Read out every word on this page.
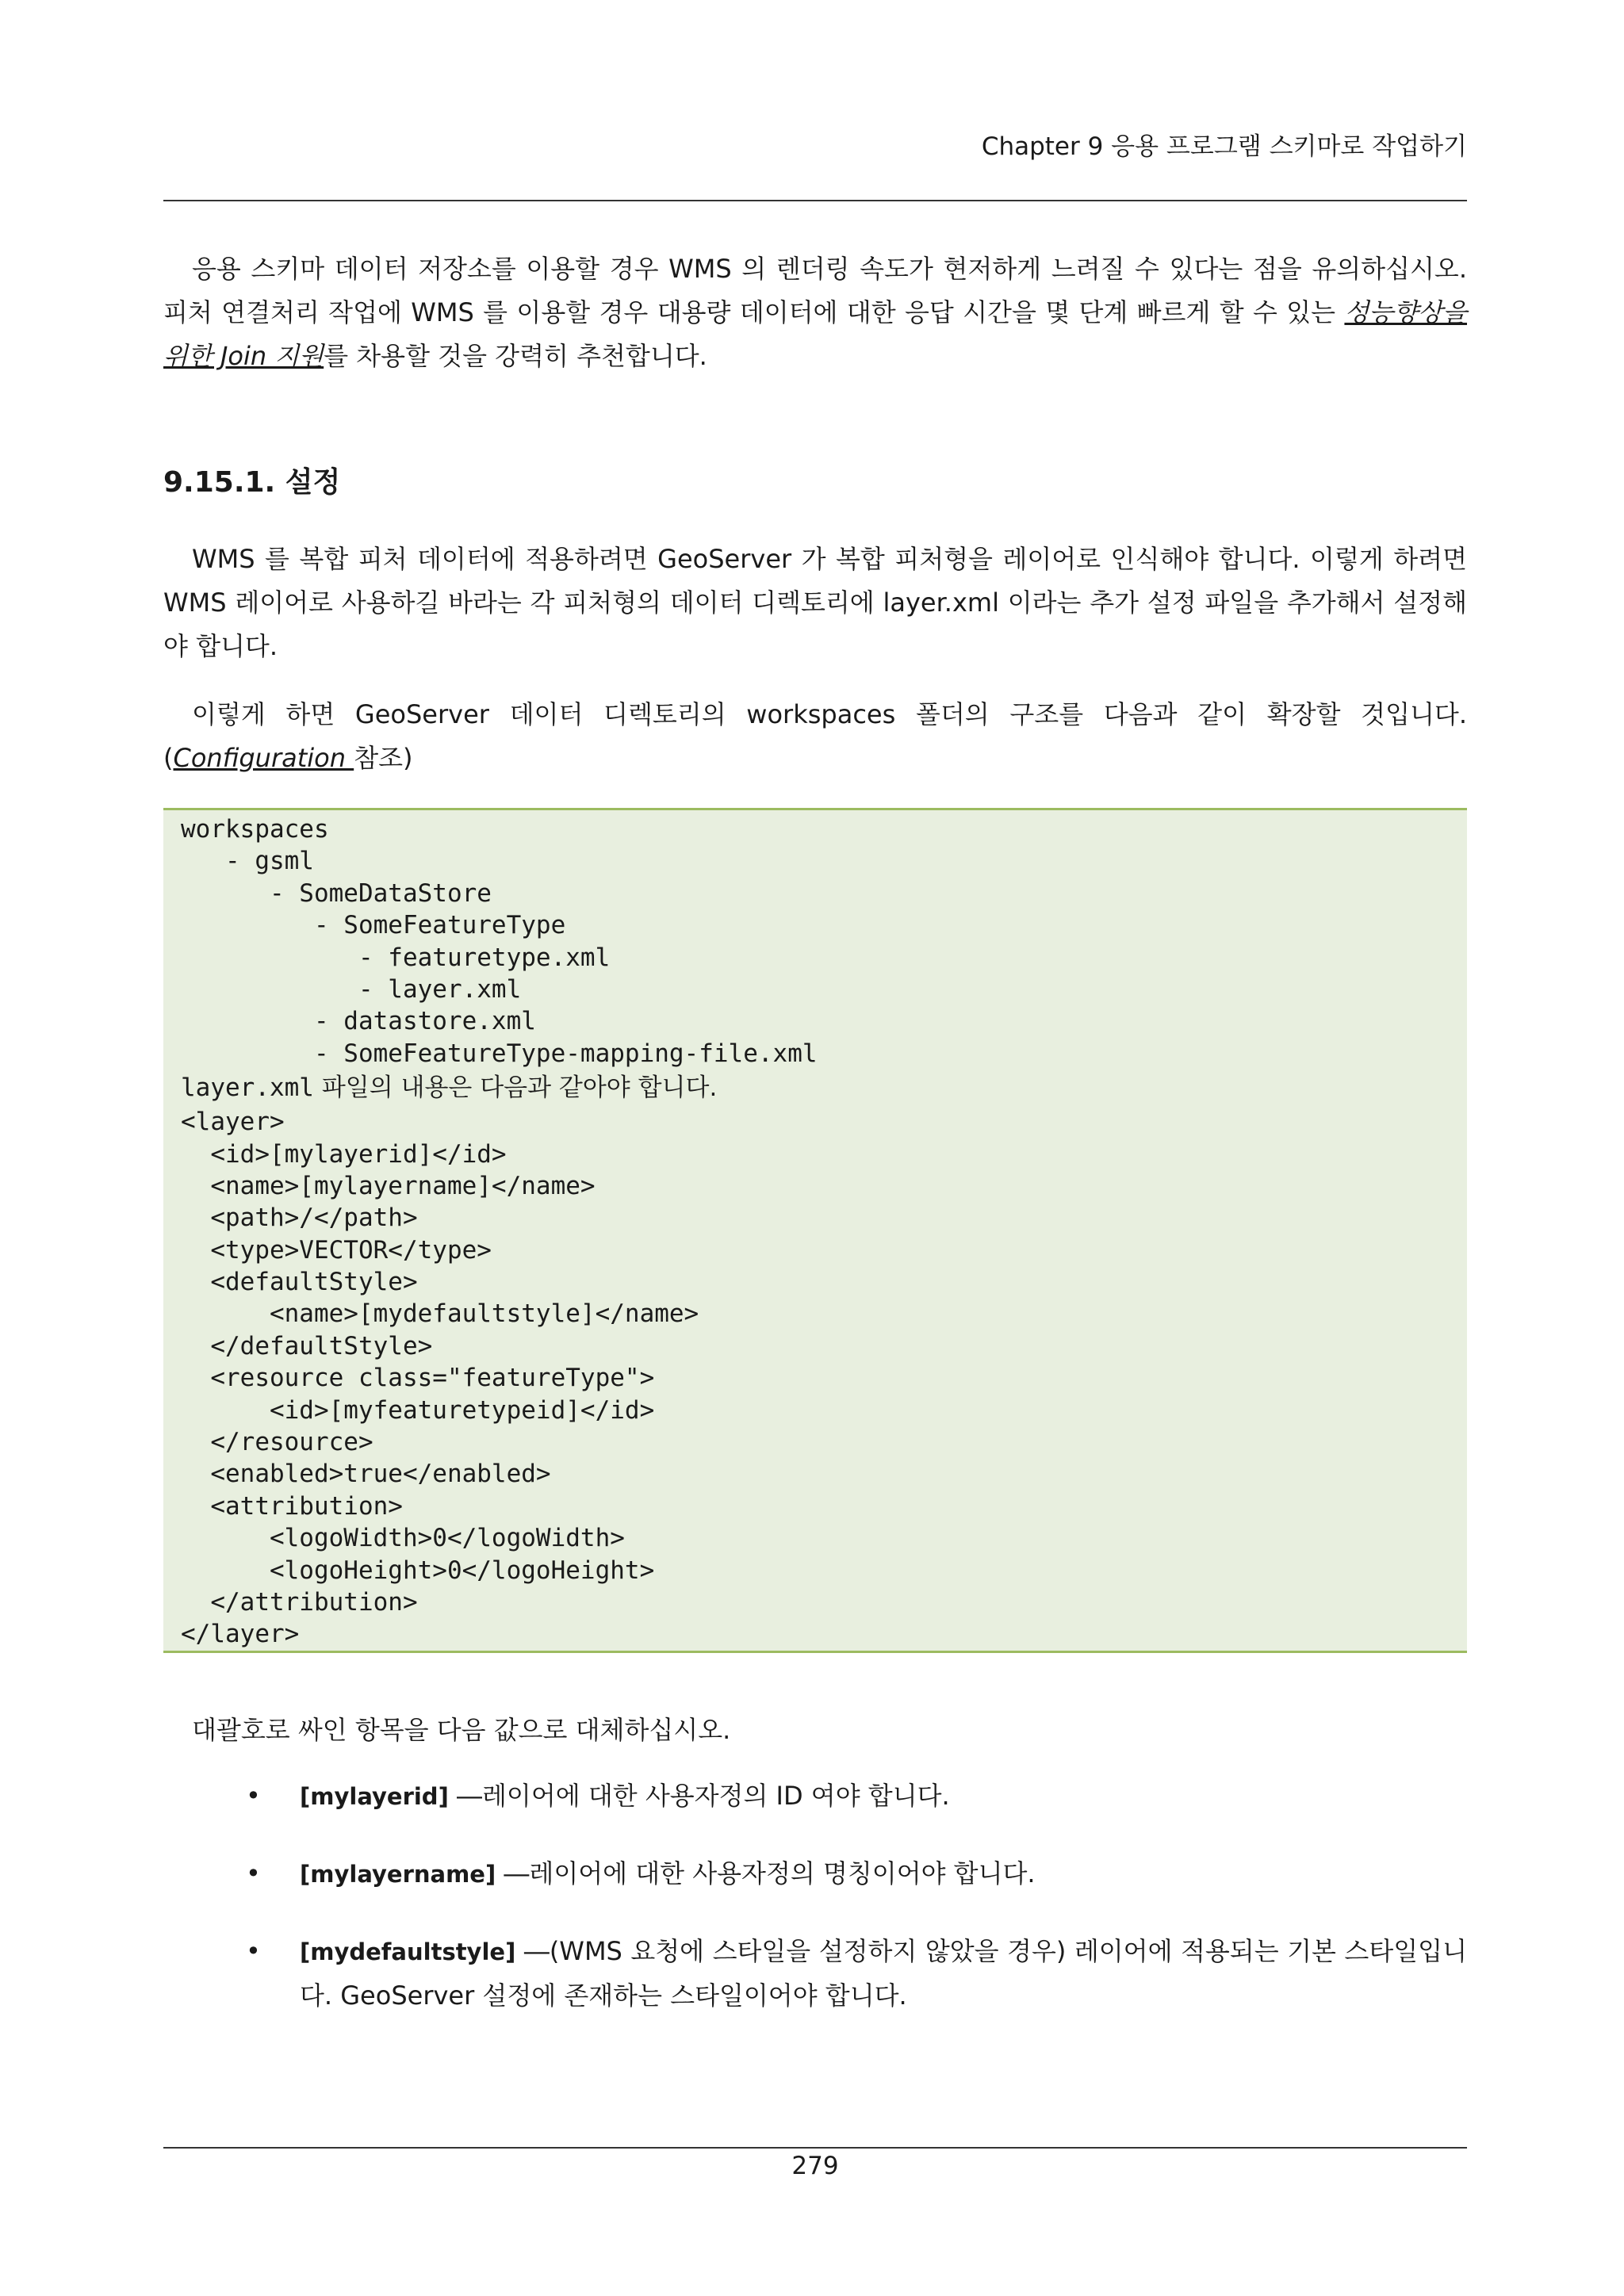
Chapter 9 응용 프로그램 스키마로 작업하기

응용 스키마 데이터 저장소를 이용할 경우 WMS 의 렌더링 속도가 현저하게 느려질 수 있다는 점을 유의하십시오. 피처 연결처리 작업에 WMS 를 이용할 경우 대용량 데이터에 대한 응답 시간을 몇 단계 빠르게 할 수 있는 성능향상을 위한 Join 지원를 차용할 것을 강력히 추천합니다.

9.15.1. 설정

WMS 를 복합 피처 데이터에 적용하려면 GeoServer 가 복합 피처형을 레이어로 인식해야 합니다. 이렇게 하려면 WMS 레이어로 사용하길 바라는 각 피처형의 데이터 디렉토리에 layer.xml 이라는 추가 설정 파일을 추가해서 설정해야 합니다.

이렇게 하면 GeoServer 데이터 디렉토리의 workspaces 폴더의 구조를 다음과 같이 확장할 것입니다. (Configuration 참조)

workspaces
- gsml
- SomeDataStore
- SomeFeatureType
- featuretype.xml
- layer.xml
- datastore.xml
- SomeFeatureType-mapping-file.xml
layer.xml 파일의 내용은 다음과 같아야 합니다.
<layer>
<id>[mylayerid]</id>
<name>[mylayername]</name>
<path>/</path>
<type>VECTOR</type>
<defaultStyle>
<name>[mydefaultstyle]</name>
</defaultStyle>
<resource class="featureType">
<id>[myfeaturetypeid]</id>
</resource>
<enabled>true</enabled>
<attribution>
<logoWidth>0</logoWidth>
<logoHeight>0</logoHeight>
</attribution>
</layer>

대괄호로 싸인 항목을 다음 값으로 대체하십시오.

• [mylayerid] ―레이어에 대한 사용자정의 ID 여야 합니다.
• [mylayername] ―레이어에 대한 사용자정의 명칭이어야 합니다.
• [mydefaultstyle] ―(WMS 요청에 스타일을 설정하지 않았을 경우) 레이어에 적용되는 기본 스타일입니다. GeoServer 설정에 존재하는 스타일이어야 합니다.
279
